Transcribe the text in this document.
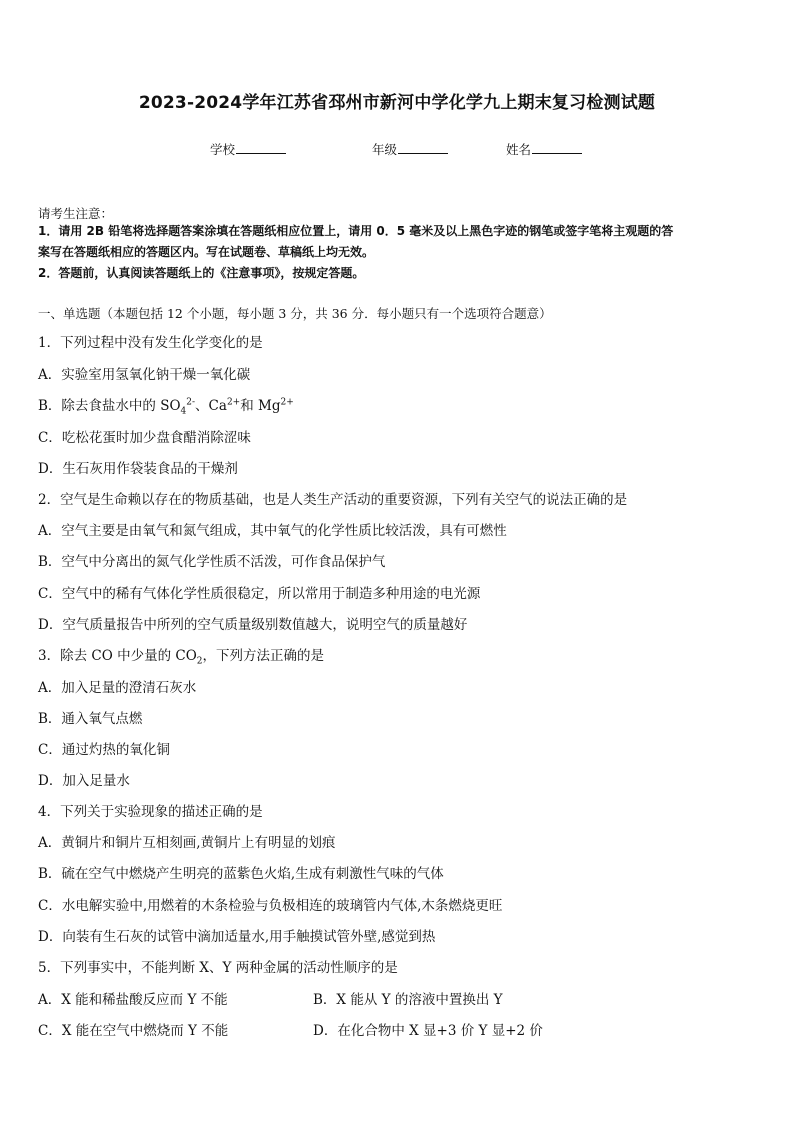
2023-2024学年江苏省邳州市新河中学化学九上期末复习检测试题
学校	年级	姓名
请考生注意：
1．请用 2B 铅笔将选择题答案涂填在答题纸相应位置上，请用 0．5 毫米及以上黑色字迹的钢笔或签字笔将主观题的答
案写在答题纸相应的答题区内。写在试题卷、草稿纸上均无效。
2．答题前，认真阅读答题纸上的《注意事项》，按规定答题。
一、单选题（本题包括 12 个小题，每小题 3 分，共 36 分．每小题只有一个选项符合题意）
1．下列过程中没有发生化学变化的是
A．实验室用氢氧化钠干燥一氧化碳
B．除去食盐水中的 $SO_4^{2-}$、$Ca^{2+}$和 $Mg^{2+}$
C．吃松花蛋时加少盘食醋消除涩味
D．生石灰用作袋装食品的干燥剂
2．空气是生命赖以存在的物质基础，也是人类生产活动的重要资源，下列有关空气的说法正确的是
A．空气主要是由氧气和氮气组成，其中氧气的化学性质比较活泼，具有可燃性
B．空气中分离出的氮气化学性质不活泼，可作食品保护气
C．空气中的稀有气体化学性质很稳定，所以常用于制造多种用途的电光源
D．空气质量报告中所列的空气质量级别数值越大，说明空气的质量越好
3．除去 CO 中少量的 $CO_2$，下列方法正确的是
A．加入足量的澄清石灰水
B．通入氧气点燃
C．通过灼热的氧化铜
D．加入足量水
4．下列关于实验现象的描述正确的是
A．黄铜片和铜片互相刻画,黄铜片上有明显的划痕
B．硫在空气中燃烧产生明亮的蓝紫色火焰,生成有刺激性气味的气体
C．水电解实验中,用燃着的木条检验与负极相连的玻璃管内气体,木条燃烧更旺
D．向装有生石灰的试管中滴加适量水,用手触摸试管外壁,感觉到热
5．下列事实中，不能判断 X、Y 两种金属的活动性顺序的是
A．X 能和稀盐酸反应而 Y 不能	B．X 能从 Y 的溶液中置换出 Y
C．X 能在空气中燃烧而 Y 不能	D．在化合物中 X 显+3 价 Y 显+2 价
